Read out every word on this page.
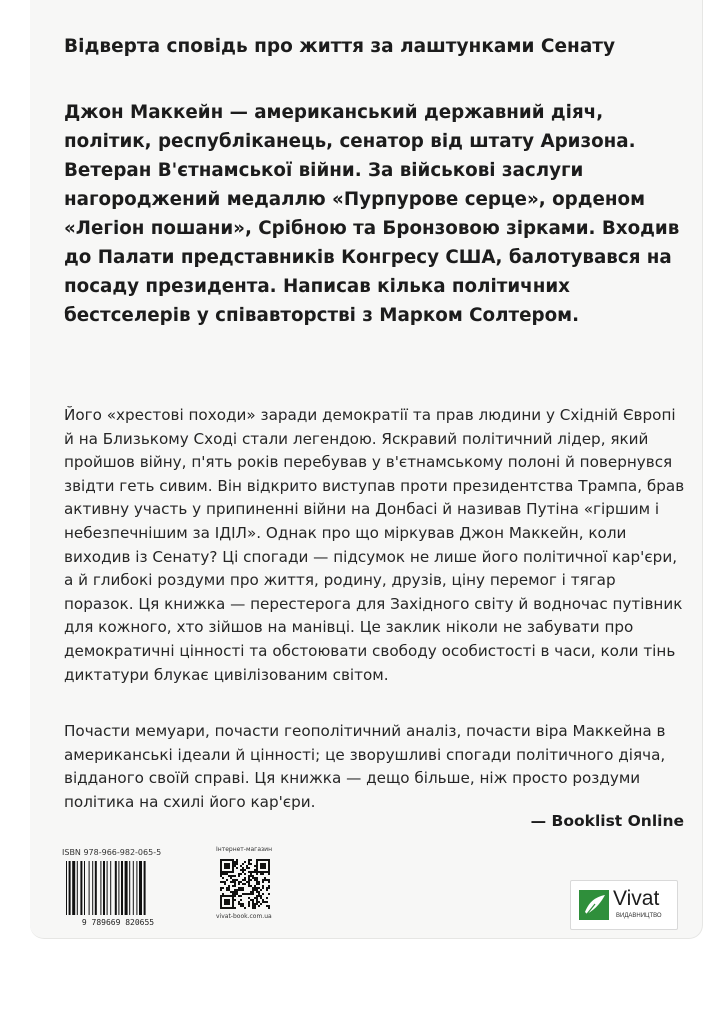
Відверта сповідь про життя за лаштунками Сенату

Джон Маккейн — американський державний діяч, політик, республіканець, сенатор від штату Аризона. Ветеран В'єтнамської війни. За військові заслуги нагороджений медаллю «Пурпурове серце», орденом «Легіон пошани», Срібною та Бронзовою зірками. Входив до Палати представників Конгресу США, балотувався на посаду президента. Написав кілька політичних бестселерів у співавторстві з Марком Солтером.

Його «хрестові походи» заради демократії та прав людини у Східній Європі й на Близькому Сході стали легендою. Яскравий політичний лідер, який пройшов війну, п'ять років перебував у в'єтнамському полоні й повернувся звідти геть сивим. Він відкрито виступав проти президентства Трампа, брав активну участь у припиненні війни на Донбасі й називав Путіна «гіршим і небезпечнішим за ІДІЛ». Однак про що міркував Джон Маккейн, коли виходив із Сенату? Ці спогади — підсумок не лише його політичної кар'єри, а й глибокі роздуми про життя, родину, друзів, ціну перемог і тягар поразок. Ця книжка — перестерога для Західного світу й водночас путівник для кожного, хто зійшов на манівці. Це заклик ніколи не забувати про демократичні цінності та обстоювати свободу особистості в часи, коли тінь диктатури блукає цивілізованим світом.

Почасти мемуари, почасти геополітичний аналіз, почасти віра Маккейна в американські ідеали й цінності; це зворушливі спогади політичного діяча, відданого своїй справі. Ця книжка — дещо більше, ніж просто роздуми політика на схилі його кар'єри.

— Booklist Online

ISBN 978-966-982-065-5
9 789669 820655
Інтернет-магазин
vivat-book.com.ua
Vivat
ВИДАВНИЦТВО
